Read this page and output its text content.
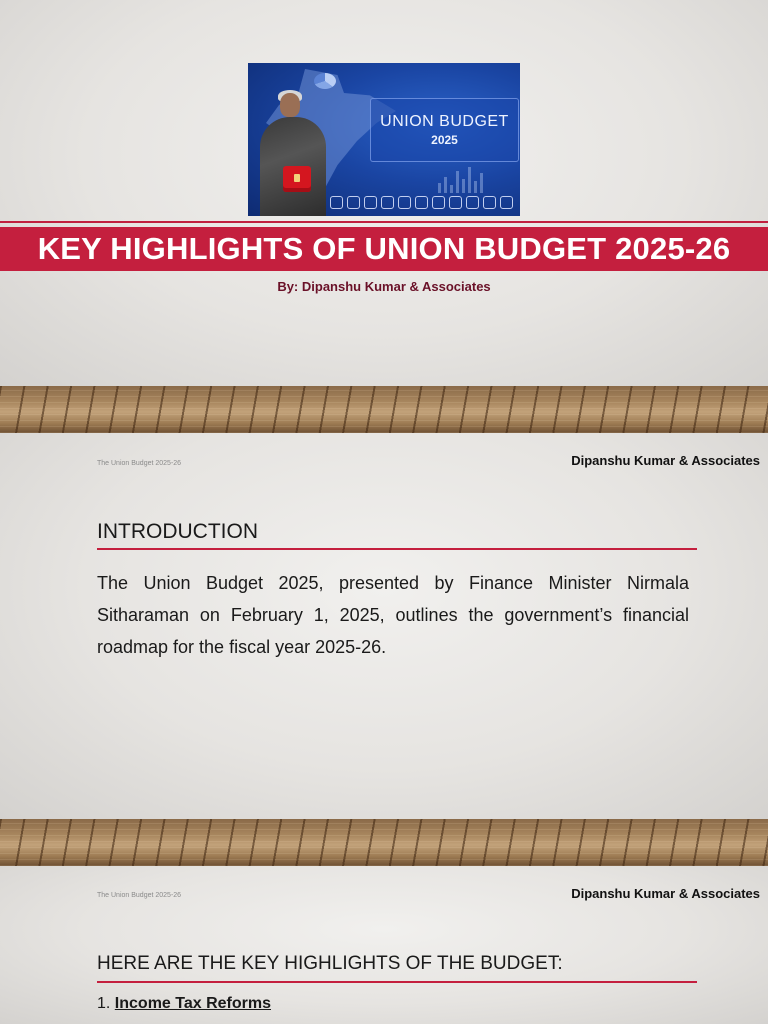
UNION BUDGET
2025
KEY HIGHLIGHTS OF UNION BUDGET 2025-26
By: Dipanshu Kumar & Associates
The Union Budget 2025-26	Dipanshu Kumar & Associates
INTRODUCTION

The Union Budget 2025, presented by Finance Minister Nirmala Sitharaman on February 1, 2025, outlines the government’s financial roadmap for the fiscal year 2025-26.

The Union Budget 2025-26	Dipanshu Kumar & Associates
HERE ARE THE KEY HIGHLIGHTS OF THE BUDGET:
1. Income Tax Reforms
